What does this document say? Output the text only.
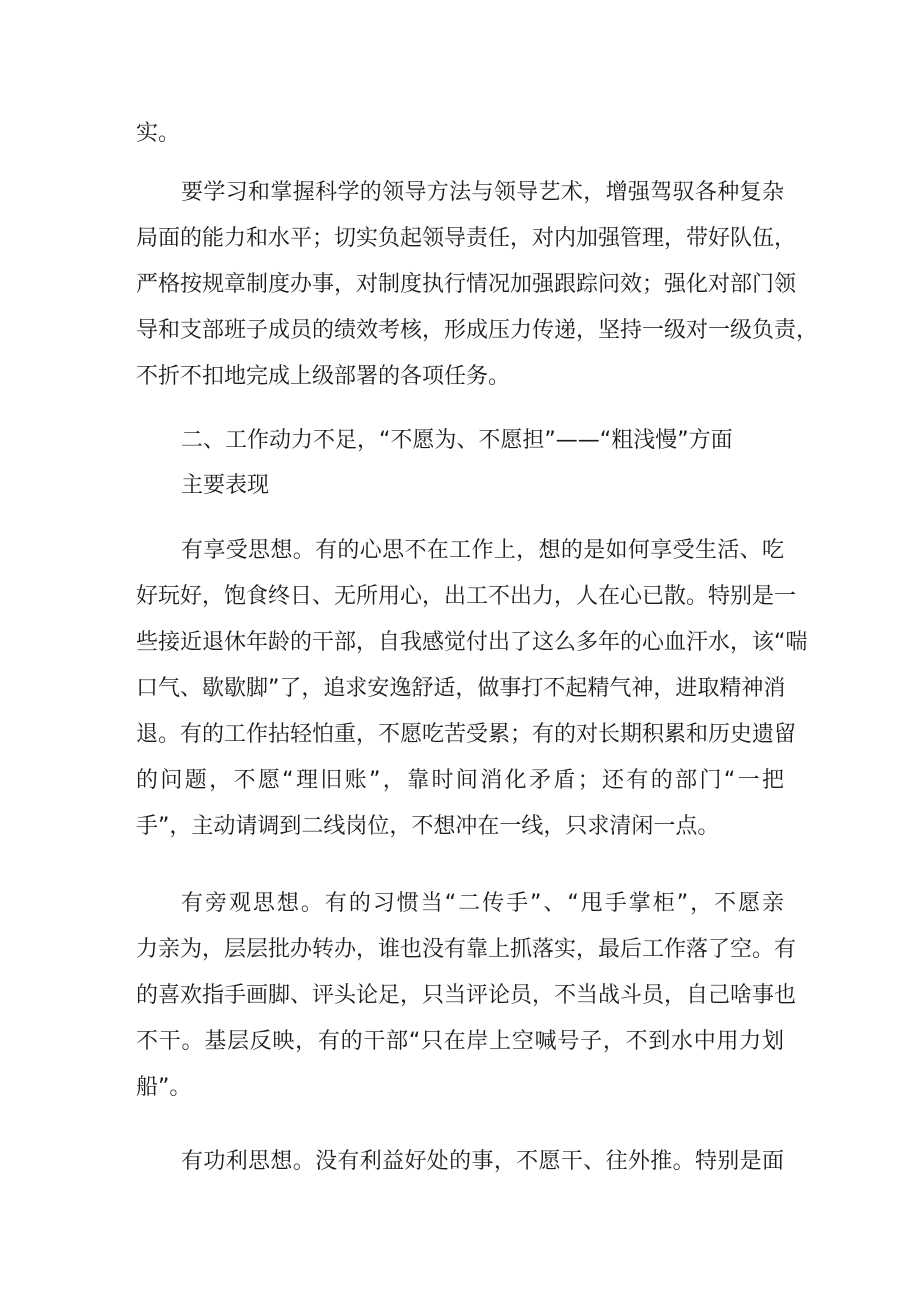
实。
要学习和掌握科学的领导方法与领导艺术，增强驾驭各种复杂
局面的能力和水平；切实负起领导责任，对内加强管理，带好队伍，
严格按规章制度办事，对制度执行情况加强跟踪问效；强化对部门领
导和支部班子成员的绩效考核，形成压力传递，坚持一级对一级负责，
不折不扣地完成上级部署的各项任务。
二、工作动力不足，“不愿为、不愿担”——“粗浅慢”方面
主要表现
有享受思想。有的心思不在工作上，想的是如何享受生活、吃
好玩好，饱食终日、无所用心，出工不出力，人在心已散。特别是一
些接近退休年龄的干部，自我感觉付出了这么多年的心血汗水，该“喘
口气、歇歇脚”了，追求安逸舒适，做事打不起精气神，进取精神消
退。有的工作拈轻怕重，不愿吃苦受累；有的对长期积累和历史遗留
的问题，不愿“理旧账”，靠时间消化矛盾；还有的部门“一把
手”，主动请调到二线岗位，不想冲在一线，只求清闲一点。
有旁观思想。有的习惯当“二传手”、“甩手掌柜”，不愿亲
力亲为，层层批办转办，谁也没有靠上抓落实，最后工作落了空。有
的喜欢指手画脚、评头论足，只当评论员，不当战斗员，自己啥事也
不干。基层反映，有的干部“只在岸上空喊号子，不到水中用力划
船”。
有功利思想。没有利益好处的事，不愿干、往外推。特别是面
